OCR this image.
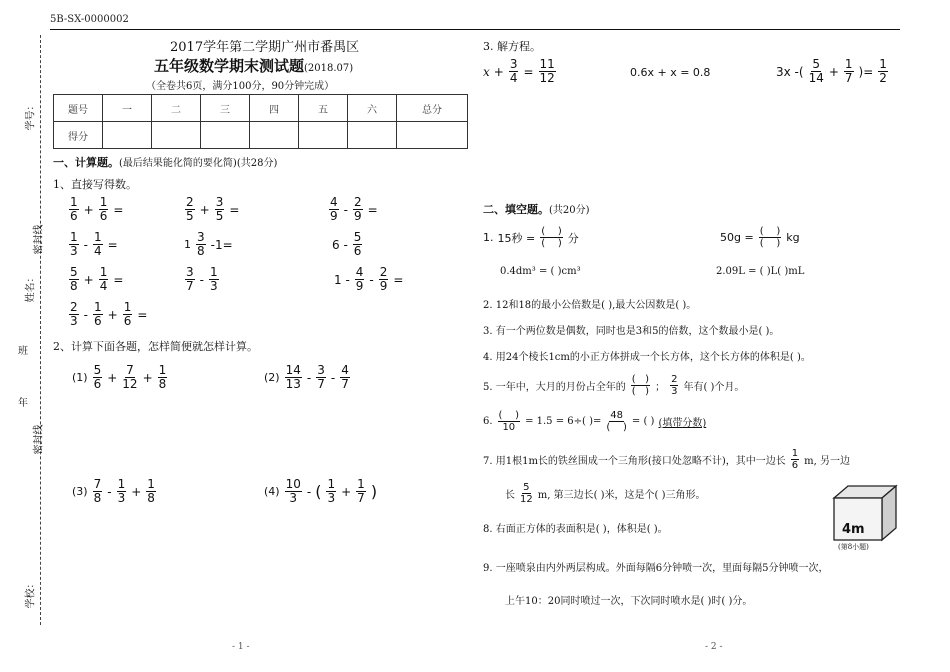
5B-SX-0000002
学号：
密封线
姓名：
班
年
密封线
学校：
2017学年第二学期广州市番禺区
五年级数学期末测试题(2018.07)
（全卷共6页，满分100分，90分钟完成）
题号	一	二	三	四	五	六	总分
得分							
一、计算题。(最后结果能化简的要化简)(共28分)
1、直接写得数。
$\frac{1}{6} + \frac{1}{6}$ =	$\frac{2}{5} + \frac{3}{5}$ =	$\frac{4}{9} - \frac{2}{9}$ =
$\frac{1}{3} - \frac{1}{4}$ =	$1 \frac{3}{8} -1=$	$6 - \frac{5}{6}$
$\frac{5}{8} + \frac{1}{4}$ =	$\frac{3}{7} - \frac{1}{3}$	$1 - \frac{4}{9} - \frac{2}{9}$ =
$\frac{2}{3} - \frac{1}{6} + \frac{1}{6}$ =
2、计算下面各题，怎样简便就怎样计算。
$(1) \frac{5}{6} + \frac{7}{12} + \frac{1}{8}$	$(2) \frac{14}{13} - \frac{3}{7} - \frac{4}{7}$
$(3) \frac{7}{8} - \frac{1}{3} + \frac{1}{8}$	$(4) \frac{10}{3}$ - ( $\frac{1}{3} + \frac{1}{7}$ )
3. 解方程。
$x + \frac{3}{4} = \frac{11}{12}$	0.6x + x = 0.8	3x -( $\frac{5}{14} + \frac{1}{7}$ )= $\frac{1}{2}$
二、填空题。(共20分)
1. 15秒 = $\frac{( )}{( )}$ 分	$50g = \frac{( )}{( )}$ kg
0.4dm³ = ( )cm³	2.09L = ( )L( )mL
2. 12和18的最小公倍数是( ),最大公因数是( )。
3. 有一个两位数是偶数，同时也是3和5的倍数，这个数最小是( )。
4. 用24个棱长1cm的小正方体拼成一个长方体，这个长方体的体积是( )。
5. 一年中，大月的月份占全年的 $\frac{( )}{( )}$ ； $\frac{2}{3}$ 年有( )个月。
6. $\frac{( )}{10} = 1.5 = 6\div$( )= $\frac{48}{( )}$ = ( ) (填带分数)
7. 用1根1m长的铁丝围成一个三角形(接口处忽略不计)，其中一边长 $\frac{1}{6} m$, 另一边
长 $\frac{5}{12} m$, 第三边长( )米，这是个( )三角形。
8. 右面正方体的表面积是( )，体积是( )。	4m
(第8小题)
9. 一座喷泉由内外两层构成。外面每隔6分钟喷一次，里面每隔5分钟喷一次，
上午10：20同时喷过一次，下次同时喷水是( )时( )分。
- 1 -	- 2 -
